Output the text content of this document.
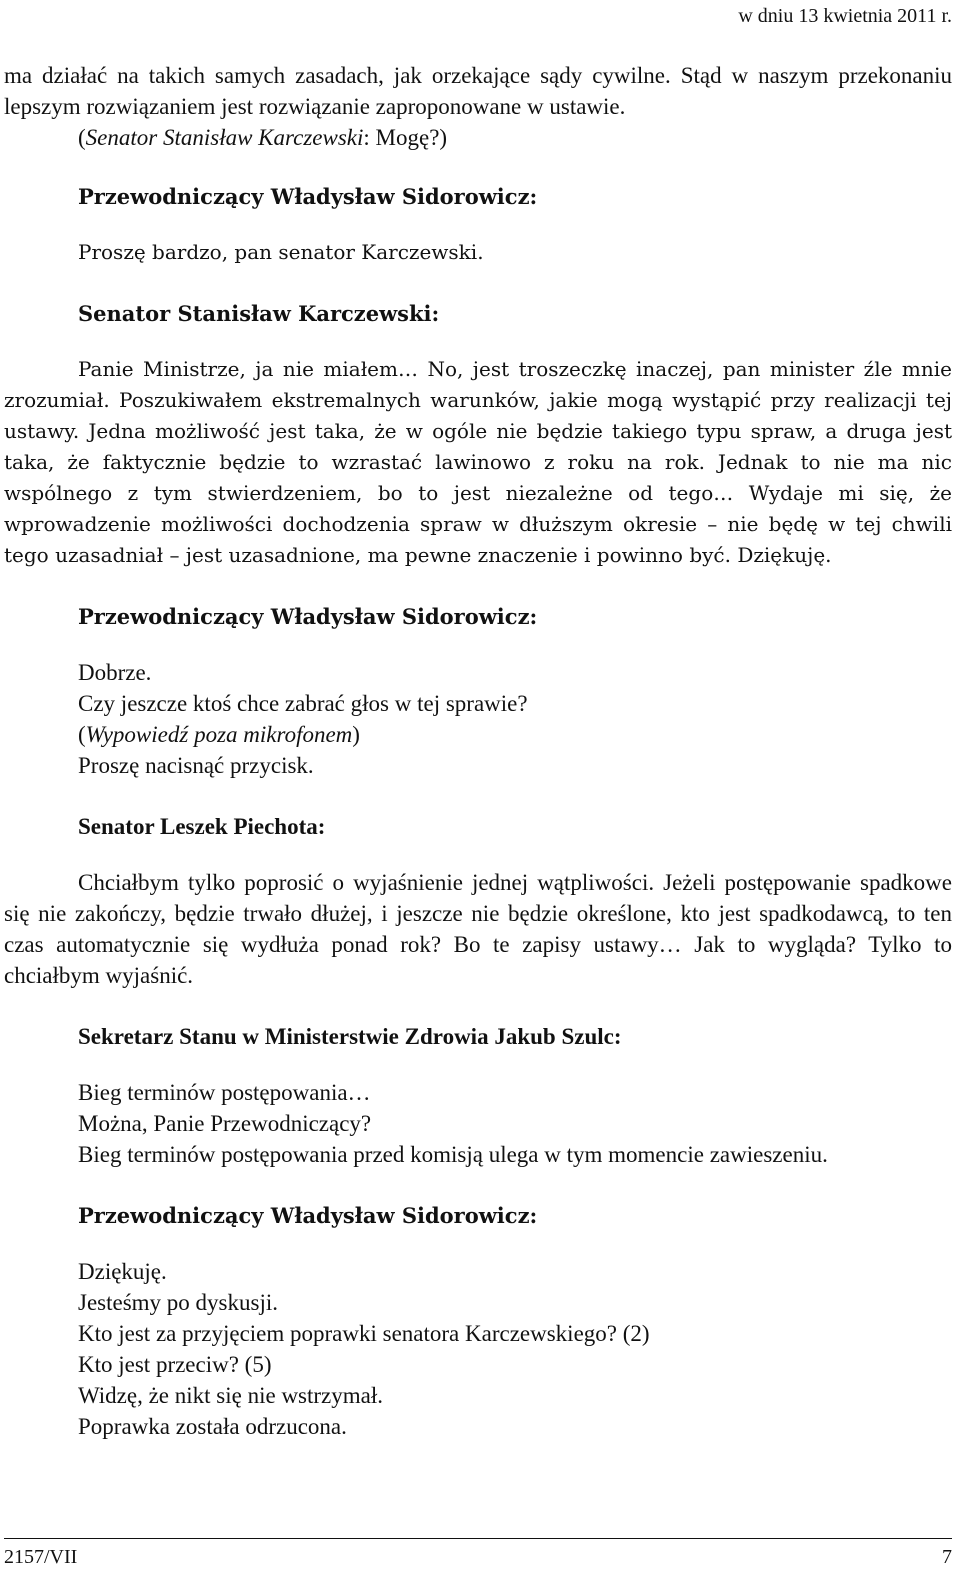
w dniu 13 kwietnia 2011 r.

ma działać na takich samych zasadach, jak orzekające sądy cywilne. Stąd w naszym przekonaniu lepszym rozwiązaniem jest rozwiązanie zaproponowane w ustawie.
(Senator Stanisław Karczewski: Mogę?)

Przewodniczący Władysław Sidorowicz:

Proszę bardzo, pan senator Karczewski.

Senator Stanisław Karczewski:

Panie Ministrze, ja nie miałem… No, jest troszeczkę inaczej, pan minister źle mnie zrozumiał. Poszukiwałem ekstremalnych warunków, jakie mogą wystąpić przy realizacji tej ustawy. Jedna możliwość jest taka, że w ogóle nie będzie takiego typu spraw, a druga jest taka, że faktycznie będzie to wzrastać lawinowo z roku na rok. Jednak to nie ma nic wspólnego z tym stwierdzeniem, bo to jest niezależne od tego… Wydaje mi się, że wprowadzenie możliwości dochodzenia spraw w dłuższym okresie – nie będę w tej chwili tego uzasadniał – jest uzasadnione, ma pewne znaczenie i powinno być. Dziękuję.

Przewodniczący Władysław Sidorowicz:

Dobrze.

Czy jeszcze ktoś chce zabrać głos w tej sprawie?

(Wypowiedź poza mikrofonem)

Proszę nacisnąć przycisk.

Senator Leszek Piechota:

Chciałbym tylko poprosić o wyjaśnienie jednej wątpliwości. Jeżeli postępowanie spadkowe się nie zakończy, będzie trwało dłużej, i jeszcze nie będzie określone, kto jest spadkodawcą, to ten czas automatycznie się wydłuża ponad rok? Bo te zapisy ustawy… Jak to wygląda? Tylko to chciałbym wyjaśnić.

Sekretarz Stanu w Ministerstwie Zdrowia Jakub Szulc:

Bieg terminów postępowania…

Można, Panie Przewodniczący?

Bieg terminów postępowania przed komisją ulega w tym momencie zawieszeniu.

Przewodniczący Władysław Sidorowicz:

Dziękuję.

Jesteśmy po dyskusji.

Kto jest za przyjęciem poprawki senatora Karczewskiego? (2)

Kto jest przeciw? (5)

Widzę, że nikt się nie wstrzymał.

Poprawka została odrzucona.

2157/VII	7
